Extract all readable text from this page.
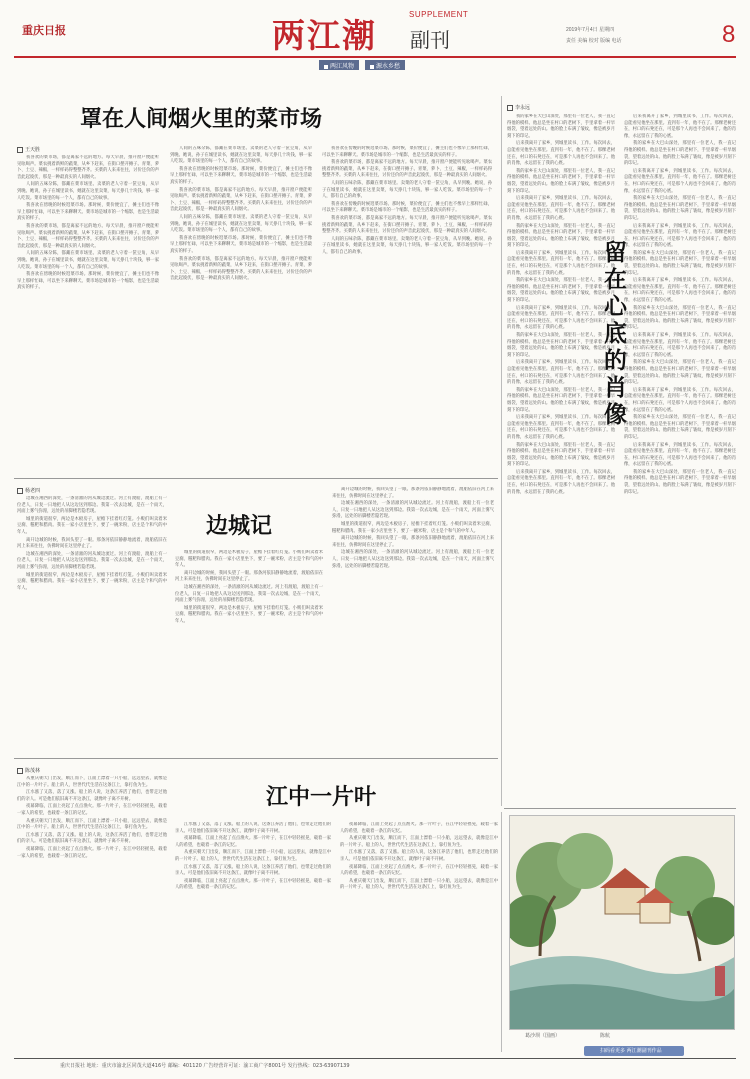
重庆日报	两江潮
SUPPLEMENT
副刊	2019年7月4日 星期四
责任 美编 校对 版编 电话	8
两江风物	源水乡愁
罩在人间烟火里的菜市场
王天胜

我喜欢的菜市场，都是离家不远的地方。每天早晨，推开窗户便能听见吆喝声。菜农挑着新鲜的蔬菜，从乡下赶来，在街口摆开摊子。青菜、萝卜、土豆、辣椒，一样样码得整整齐齐。买菜的人来来往往，讨价还价的声音此起彼伏，那是一种最真实的人间烟火。

人间的五味杂陈，都藏在菜市场里。卖菜的老人守着一筐豆角，从早到晚。她说，孙子在城里读书，她就在这里卖菜，每天挣几十块钱，够一家人吃饭。菜市场里的每一个人，都有自己的故事。

我喜欢在傍晚的时候逛菜市场。那时候，菜价便宜了，摊主们也不像早上那样忙碌，可以坐下来聊聊天。菜市场是城市的一个缩影，也是生活最真实的样子。

我喜欢的菜市场，都是离家不远的地方。每天早晨，推开窗户便能听见吆喝声。菜农挑着新鲜的蔬菜，从乡下赶来，在街口摆开摊子。青菜、萝卜、土豆、辣椒，一样样码得整整齐齐。买菜的人来来往往，讨价还价的声音此起彼伏，那是一种最真实的人间烟火。

人间的五味杂陈，都藏在菜市场里。卖菜的老人守着一筐豆角，从早到晚。她说，孙子在城里读书，她就在这里卖菜，每天挣几十块钱，够一家人吃饭。菜市场里的每一个人，都有自己的故事。

我喜欢在傍晚的时候逛菜市场。那时候，菜价便宜了，摊主们也不像早上那样忙碌，可以坐下来聊聊天。菜市场是城市的一个缩影，也是生活最真实的样子。

人间的五味杂陈，都藏在菜市场里。卖菜的老人守着一筐豆角，从早到晚。她说，孙子在城里读书，她就在这里卖菜，每天挣几十块钱，够一家人吃饭。菜市场里的每一个人，都有自己的故事。

我喜欢在傍晚的时候逛菜市场。那时候，菜价便宜了，摊主们也不像早上那样忙碌，可以坐下来聊聊天。菜市场是城市的一个缩影，也是生活最真实的样子。

我喜欢的菜市场，都是离家不远的地方。每天早晨，推开窗户便能听见吆喝声。菜农挑着新鲜的蔬菜，从乡下赶来，在街口摆开摊子。青菜、萝卜、土豆、辣椒，一样样码得整整齐齐。买菜的人来来往往，讨价还价的声音此起彼伏，那是一种最真实的人间烟火。

人间的五味杂陈，都藏在菜市场里。卖菜的老人守着一筐豆角，从早到晚。她说，孙子在城里读书，她就在这里卖菜，每天挣几十块钱，够一家人吃饭。菜市场里的每一个人，都有自己的故事。

我喜欢在傍晚的时候逛菜市场。那时候，菜价便宜了，摊主们也不像早上那样忙碌，可以坐下来聊聊天。菜市场是城市的一个缩影，也是生活最真实的样子。

我喜欢的菜市场，都是离家不远的地方。每天早晨，推开窗户便能听见吆喝声。菜农挑着新鲜的蔬菜，从乡下赶来，在街口摆开摊子。青菜、萝卜、土豆、辣椒，一样样码得整整齐齐。买菜的人来来往往，讨价还价的声音此起彼伏，那是一种最真实的人间烟火。

我喜欢在傍晚的时候逛菜市场。那时候，菜价便宜了，摊主们也不像早上那样忙碌，可以坐下来聊聊天。菜市场是城市的一个缩影，也是生活最真实的样子。

我喜欢的菜市场，都是离家不远的地方。每天早晨，推开窗户便能听见吆喝声。菜农挑着新鲜的蔬菜，从乡下赶来，在街口摆开摊子。青菜、萝卜、土豆、辣椒，一样样码得整整齐齐。买菜的人来来往往，讨价还价的声音此起彼伏，那是一种最真实的人间烟火。

人间的五味杂陈，都藏在菜市场里。卖菜的老人守着一筐豆角，从早到晚。她说，孙子在城里读书，她就在这里卖菜，每天挣几十块钱，够一家人吃饭。菜市场里的每一个人，都有自己的故事。

我喜欢在傍晚的时候逛菜市场。那时候，菜价便宜了，摊主们也不像早上那样忙碌，可以坐下来聊聊天。菜市场是城市的一个缩影，也是生活最真实的样子。

我喜欢的菜市场，都是离家不远的地方。每天早晨，推开窗户便能听见吆喝声。菜农挑着新鲜的蔬菜，从乡下赶来，在街口摆开摊子。青菜、萝卜、土豆、辣椒，一样样码得整整齐齐。买菜的人来来往往，讨价还价的声音此起彼伏，那是一种最真实的人间烟火。

人间的五味杂陈，都藏在菜市场里。卖菜的老人守着一筐豆角，从早到晚。她说，孙子在城里读书，她就在这里卖菜，每天挣几十块钱，够一家人吃饭。菜市场里的每一个人，都有自己的故事。

李永远

我的家乡在大巴山深处，那里有一位老人，我一直记得他的模样。他总是坐在村口的老树下，手里拿着一杆旱烟袋，望着远处的山。他的脸上布满了皱纹，像是被岁月刻下的印记。

后来我离开了家乡，到城里读书、工作。每次回去，总能看见他坐在那里。直到有一年，他不在了。那棵老树还在，村口的石凳还在，可是那个人再也不会回来了。他的肖像，永远留在了我的心底。

我的家乡在大巴山深处，那里有一位老人，我一直记得他的模样。他总是坐在村口的老树下，手里拿着一杆旱烟袋，望着远处的山。他的脸上布满了皱纹，像是被岁月刻下的印记。

后来我离开了家乡，到城里读书、工作。每次回去，总能看见他坐在那里。直到有一年，他不在了。那棵老树还在，村口的石凳还在，可是那个人再也不会回来了。他的肖像，永远留在了我的心底。

我的家乡在大巴山深处，那里有一位老人，我一直记得他的模样。他总是坐在村口的老树下，手里拿着一杆旱烟袋，望着远处的山。他的脸上布满了皱纹，像是被岁月刻下的印记。

后来我离开了家乡，到城里读书、工作。每次回去，总能看见他坐在那里。直到有一年，他不在了。那棵老树还在，村口的石凳还在，可是那个人再也不会回来了。他的肖像，永远留在了我的心底。

我的家乡在大巴山深处，那里有一位老人，我一直记得他的模样。他总是坐在村口的老树下，手里拿着一杆旱烟袋，望着远处的山。他的脸上布满了皱纹，像是被岁月刻下的印记。

后来我离开了家乡，到城里读书、工作。每次回去，总能看见他坐在那里。直到有一年，他不在了。那棵老树还在，村口的石凳还在，可是那个人再也不会回来了。他的肖像，永远留在了我的心底。

我的家乡在大巴山深处，那里有一位老人，我一直记得他的模样。他总是坐在村口的老树下，手里拿着一杆旱烟袋，望着远处的山。他的脸上布满了皱纹，像是被岁月刻下的印记。

后来我离开了家乡，到城里读书、工作。每次回去，总能看见他坐在那里。直到有一年，他不在了。那棵老树还在，村口的石凳还在，可是那个人再也不会回来了。他的肖像，永远留在了我的心底。

我的家乡在大巴山深处，那里有一位老人，我一直记得他的模样。他总是坐在村口的老树下，手里拿着一杆旱烟袋，望着远处的山。他的脸上布满了皱纹，像是被岁月刻下的印记。

后来我离开了家乡，到城里读书、工作。每次回去，总能看见他坐在那里。直到有一年，他不在了。那棵老树还在，村口的石凳还在，可是那个人再也不会回来了。他的肖像，永远留在了我的心底。

我的家乡在大巴山深处，那里有一位老人，我一直记得他的模样。他总是坐在村口的老树下，手里拿着一杆旱烟袋，望着远处的山。他的脸上布满了皱纹，像是被岁月刻下的印记。

后来我离开了家乡，到城里读书、工作。每次回去，总能看见他坐在那里。直到有一年，他不在了。那棵老树还在，村口的石凳还在，可是那个人再也不会回来了。他的肖像，永远留在了我的心底。

留在心底的肖像

后来我离开了家乡，到城里读书、工作。每次回去，总能看见他坐在那里。直到有一年，他不在了。那棵老树还在，村口的石凳还在，可是那个人再也不会回来了。他的肖像，永远留在了我的心底。

我的家乡在大巴山深处，那里有一位老人，我一直记得他的模样。他总是坐在村口的老树下，手里拿着一杆旱烟袋，望着远处的山。他的脸上布满了皱纹，像是被岁月刻下的印记。

后来我离开了家乡，到城里读书、工作。每次回去，总能看见他坐在那里。直到有一年，他不在了。那棵老树还在，村口的石凳还在，可是那个人再也不会回来了。他的肖像，永远留在了我的心底。

我的家乡在大巴山深处，那里有一位老人，我一直记得他的模样。他总是坐在村口的老树下，手里拿着一杆旱烟袋，望着远处的山。他的脸上布满了皱纹，像是被岁月刻下的印记。

后来我离开了家乡，到城里读书、工作。每次回去，总能看见他坐在那里。直到有一年，他不在了。那棵老树还在，村口的石凳还在，可是那个人再也不会回来了。他的肖像，永远留在了我的心底。

我的家乡在大巴山深处，那里有一位老人，我一直记得他的模样。他总是坐在村口的老树下，手里拿着一杆旱烟袋，望着远处的山。他的脸上布满了皱纹，像是被岁月刻下的印记。

后来我离开了家乡，到城里读书、工作。每次回去，总能看见他坐在那里。直到有一年，他不在了。那棵老树还在，村口的石凳还在，可是那个人再也不会回来了。他的肖像，永远留在了我的心底。

我的家乡在大巴山深处，那里有一位老人，我一直记得他的模样。他总是坐在村口的老树下，手里拿着一杆旱烟袋，望着远处的山。他的脸上布满了皱纹，像是被岁月刻下的印记。

后来我离开了家乡，到城里读书、工作。每次回去，总能看见他坐在那里。直到有一年，他不在了。那棵老树还在，村口的石凳还在，可是那个人再也不会回来了。他的肖像，永远留在了我的心底。

我的家乡在大巴山深处，那里有一位老人，我一直记得他的模样。他总是坐在村口的老树下，手里拿着一杆旱烟袋，望着远处的山。他的脸上布满了皱纹，像是被岁月刻下的印记。

后来我离开了家乡，到城里读书、工作。每次回去，总能看见他坐在那里。直到有一年，他不在了。那棵老树还在，村口的石凳还在，可是那个人再也不会回来了。他的肖像，永远留在了我的心底。

我的家乡在大巴山深处，那里有一位老人，我一直记得他的模样。他总是坐在村口的老树下，手里拿着一杆旱烟袋，望着远处的山。他的脸上布满了皱纹，像是被岁月刻下的印记。

后来我离开了家乡，到城里读书、工作。每次回去，总能看见他坐在那里。直到有一年，他不在了。那棵老树还在，村口的石凳还在，可是那个人再也不会回来了。他的肖像，永远留在了我的心底。

我的家乡在大巴山深处，那里有一位老人，我一直记得他的模样。他总是坐在村口的老树下，手里拿着一杆旱烟袋，望着远处的山。他的脸上布满了皱纹，像是被岁月刻下的印记。

杨老四

边城在湘西的深处，一条清澈的河从城边流过。河上有渡船，渡船上有一位老人，日复一日地把人从这边送到那边。我第一次去边城，是在一个雨天，河面上雾气弥漫，远处的吊脚楼若隐若现。

城里的街道很窄，两边是木板房子，屋檐下挂着红灯笼。小贩们叫卖着米豆腐、糍粑和腊肉。我在一家小店里坐下，要了一碗米粉，店主是个和气的中年人。

离开边城的时候，我回头望了一眼。那条河依旧静静地流着，渡船依旧在河上来来往往，仿佛时间在这里停止了。

边城在湘西的深处，一条清澈的河从城边流过。河上有渡船，渡船上有一位老人，日复一日地把人从这边送到那边。我第一次去边城，是在一个雨天，河面上雾气弥漫，远处的吊脚楼若隐若现。

城里的街道很窄，两边是木板房子，屋檐下挂着红灯笼。小贩们叫卖着米豆腐、糍粑和腊肉。我在一家小店里坐下，要了一碗米粉，店主是个和气的中年人。

边城记

城里的街道很窄，两边是木板房子，屋檐下挂着红灯笼。小贩们叫卖着米豆腐、糍粑和腊肉。我在一家小店里坐下，要了一碗米粉，店主是个和气的中年人。

离开边城的时候，我回头望了一眼。那条河依旧静静地流着，渡船依旧在河上来来往往，仿佛时间在这里停止了。

边城在湘西的深处，一条清澈的河从城边流过。河上有渡船，渡船上有一位老人，日复一日地把人从这边送到那边。我第一次去边城，是在一个雨天，河面上雾气弥漫，远处的吊脚楼若隐若现。

城里的街道很窄，两边是木板房子，屋檐下挂着红灯笼。小贩们叫卖着米豆腐、糍粑和腊肉。我在一家小店里坐下，要了一碗米粉，店主是个和气的中年人。

离开边城的时候，我回头望了一眼。那条河依旧静静地流着，渡船依旧在河上来来往往，仿佛时间在这里停止了。

边城在湘西的深处，一条清澈的河从城边流过。河上有渡船，渡船上有一位老人，日复一日地把人从这边送到那边。我第一次去边城，是在一个雨天，河面上雾气弥漫，远处的吊脚楼若隐若现。

城里的街道很窄，两边是木板房子，屋檐下挂着红灯笼。小贩们叫卖着米豆腐、糍粑和腊肉。我在一家小店里坐下，要了一碗米粉，店主是个和气的中年人。

离开边城的时候，我回头望了一眼。那条河依旧静静地流着，渡船依旧在河上来来往往，仿佛时间在这里停止了。

边城在湘西的深处，一条清澈的河从城边流过。河上有渡船，渡船上有一位老人，日复一日地把人从这边送到那边。我第一次去边城，是在一个雨天，河面上雾气弥漫，远处的吊脚楼若隐若现。

陈茂林

从重庆朝天门出发，顺江而下，江面上漂着一只小船，远远望去，就像是江中的一片叶子。船上的人，世世代代生活在这条江上，靠打鱼为生。

江水涨了又落，落了又涨。船上的人说，这条江养活了他们，也带走过他们的亲人。可是他们依旧离不开这条江，就像叶子离不开树。

夜幕降临，江面上亮起了点点渔火。那一片叶子，在江中轻轻摇晃，载着一家人的希望，也载着一条江的记忆。

从重庆朝天门出发，顺江而下，江面上漂着一只小船，远远望去，就像是江中的一片叶子。船上的人，世世代代生活在这条江上，靠打鱼为生。

江水涨了又落，落了又涨。船上的人说，这条江养活了他们，也带走过他们的亲人。可是他们依旧离不开这条江，就像叶子离不开树。

夜幕降临，江面上亮起了点点渔火。那一片叶子，在江中轻轻摇晃，载着一家人的希望，也载着一条江的记忆。

江中一片叶

江水涨了又落，落了又涨。船上的人说，这条江养活了他们，也带走过他们的亲人。可是他们依旧离不开这条江，就像叶子离不开树。

夜幕降临，江面上亮起了点点渔火。那一片叶子，在江中轻轻摇晃，载着一家人的希望，也载着一条江的记忆。

从重庆朝天门出发，顺江而下，江面上漂着一只小船，远远望去，就像是江中的一片叶子。船上的人，世世代代生活在这条江上，靠打鱼为生。

江水涨了又落，落了又涨。船上的人说，这条江养活了他们，也带走过他们的亲人。可是他们依旧离不开这条江，就像叶子离不开树。

夜幕降临，江面上亮起了点点渔火。那一片叶子，在江中轻轻摇晃，载着一家人的希望，也载着一条江的记忆。

夜幕降临，江面上亮起了点点渔火。那一片叶子，在江中轻轻摇晃，载着一家人的希望，也载着一条江的记忆。

从重庆朝天门出发，顺江而下，江面上漂着一只小船，远远望去，就像是江中的一片叶子。船上的人，世世代代生活在这条江上，靠打鱼为生。

江水涨了又落，落了又涨。船上的人说，这条江养活了他们，也带走过他们的亲人。可是他们依旧离不开这条江，就像叶子离不开树。

夜幕降临，江面上亮起了点点渔火。那一片叶子，在江中轻轻摇晃，载着一家人的希望，也载着一条江的记忆。

从重庆朝天门出发，顺江而下，江面上漂着一只小船，远远望去，就像是江中的一片叶子。船上的人，世世代代生活在这条江上，靠打鱼为生。

葛沙坝（国画）	陈航
扫码看更多 两江潮副刊作品
重庆日报社 地址：重庆市渝北区同茂大道416号 邮编：401120 广告经营许可证：渝工商广字8001号 发行热线：023-63907139
